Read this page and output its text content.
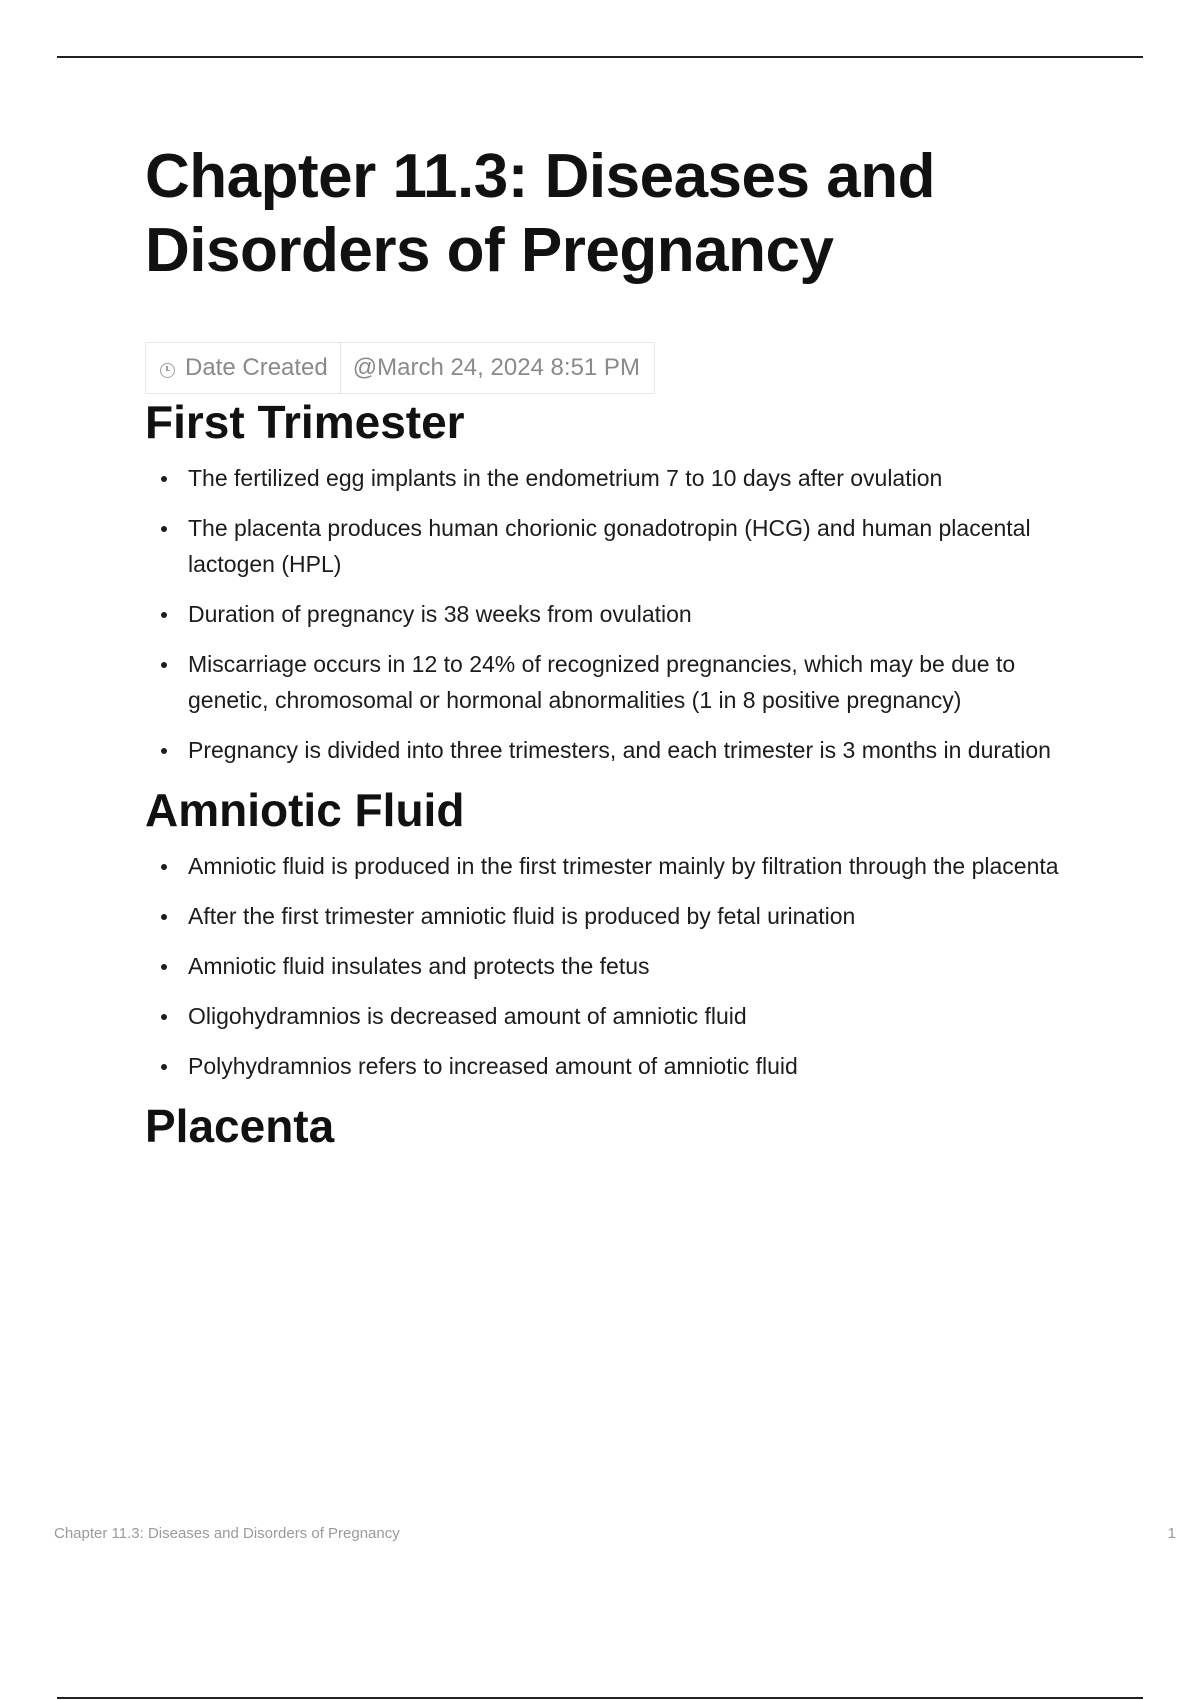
Chapter 11.3: Diseases and Disorders of Pregnancy
Date Created	@March 24, 2024 8:51 PM
First Trimester
The fertilized egg implants in the endometrium 7 to 10 days after ovulation
The placenta produces human chorionic gonadotropin (HCG) and human placental lactogen (HPL)
Duration of pregnancy is 38 weeks from ovulation
Miscarriage occurs in 12 to 24% of recognized pregnancies, which may be due to genetic, chromosomal or hormonal abnormalities (1 in 8 positive pregnancy)
Pregnancy is divided into three trimesters, and each trimester is 3 months in duration
Amniotic Fluid
Amniotic fluid is produced in the first trimester mainly by filtration through the placenta
After the first trimester amniotic fluid is produced by fetal urination
Amniotic fluid insulates and protects the fetus
Oligohydramnios is decreased amount of amniotic fluid
Polyhydramnios refers to increased amount of amniotic fluid
Placenta
Chapter 11.3: Diseases and Disorders of Pregnancy	1
